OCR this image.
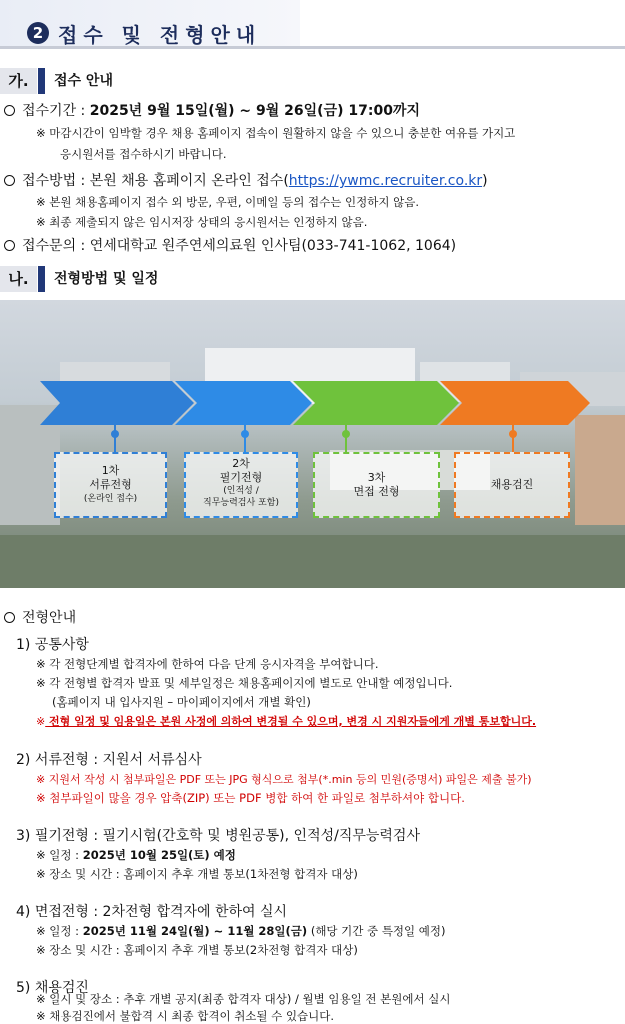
2 접수 및 전형안내
가.	접수 안내
접수기간 : 2025년 9월 15일(월) ~ 9월 26일(금) 17:00까지
※ 마감시간이 임박할 경우 채용 홈페이지 접속이 원활하지 않을 수 있으니 충분한 여유를 가지고
응시원서를 접수하시기 바랍니다.
접수방법 : 본원 채용 홈페이지 온라인 접수(https://ywmc.recruiter.co.kr)
※ 본원 채용홈페이지 접수 외 방문, 우편, 이메일 등의 접수는 인정하지 않음.
※ 최종 제출되지 않은 임시저장 상태의 응시원서는 인정하지 않음.
접수문의 : 연세대학교 원주연세의료원 인사팀(033-741-1062, 1064)
나.	전형방법 및 일정
1차
서류전형
(온라인 접수)
2차
필기전형
(인적성 /
직무능력검사 포함)
3차
면접 전형
채용검진
전형안내
1) 공통사항
※ 각 전형단계별 합격자에 한하여 다음 단계 응시자격을 부여합니다.
※ 각 전형별 합격자 발표 및 세부일정은 채용홈페이지에 별도로 안내할 예정입니다.
(홈페이지 내 입사지원 – 마이페이지에서 개별 확인)
※ 전형 일정 및 임용일은 본원 사정에 의하여 변경될 수 있으며, 변경 시 지원자들에게 개별 통보합니다.
2) 서류전형 : 지원서 서류심사
※ 지원서 작성 시 첨부파일은 PDF 또는 JPG 형식으로 첨부(*.min 등의 민원(증명서) 파일은 제출 불가)
※ 첨부파일이 많을 경우 압축(ZIP) 또는 PDF 병합 하여 한 파일로 첨부하셔야 합니다.
3) 필기전형 : 필기시험(간호학 및 병원공통), 인적성/직무능력검사
※ 일정 : 2025년 10월 25일(토) 예정
※ 장소 및 시간 : 홈페이지 추후 개별 통보(1차전형 합격자 대상)
4) 면접전형 : 2차전형 합격자에 한하여 실시
※ 일정 : 2025년 11월 24일(월) ~ 11월 28일(금) (해당 기간 중 특정일 예정)
※ 장소 및 시간 : 홈페이지 추후 개별 통보(2차전형 합격자 대상)
5) 채용검진
※ 일시 및 장소 : 추후 개별 공지(최종 합격자 대상) / 월별 임용일 전 본원에서 실시
※ 채용검진에서 불합격 시 최종 합격이 취소될 수 있습니다.
